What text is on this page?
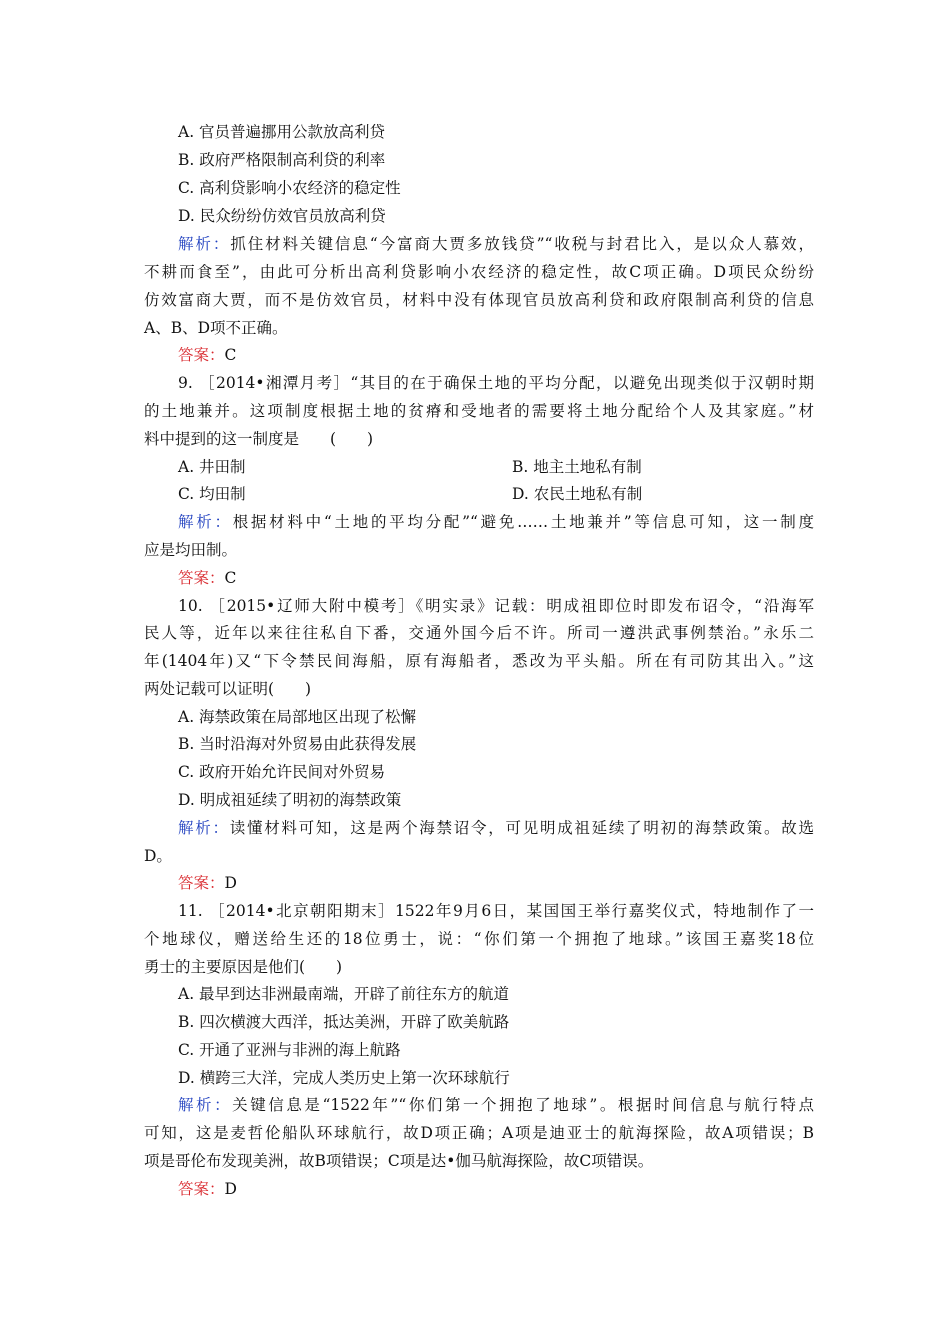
A. 官员普遍挪用公款放高利贷
B. 政府严格限制高利贷的利率
C. 高利贷影响小农经济的稳定性
D. 民众纷纷仿效官员放高利贷
解析：抓住材料关键信息“今富商大贾多放钱贷”“收税与封君比入，是以众人慕效，
不耕而食至”，由此可分析出高利贷影响小农经济的稳定性，故C项正确。D项民众纷纷
仿效富商大贾，而不是仿效官员，材料中没有体现官员放高利贷和政府限制高利贷的信息
A、B、D项不正确。
答案：C
9. ［2014•湘潭月考］“其目的在于确保土地的平均分配，以避免出现类似于汉朝时期
的土地兼并。这项制度根据土地的贫瘠和受地者的需要将土地分配给个人及其家庭。”材
料中提到的这一制度是　　(　　)
A. 井田制	B. 地主土地私有制
C. 均田制	D. 农民土地私有制
解析：根据材料中“土地的平均分配”“避免……土地兼并”等信息可知，这一制度
应是均田制。
答案：C
10. ［2015•辽师大附中模考］《明实录》记载：明成祖即位时即发布诏令，“沿海军
民人等，近年以来往往私自下番，交通外国今后不许。所司一遵洪武事例禁治。”永乐二
年(1404年)又“下令禁民间海船，原有海船者，悉改为平头船。所在有司防其出入。”这
两处记载可以证明(　　)
A. 海禁政策在局部地区出现了松懈
B. 当时沿海对外贸易由此获得发展
C. 政府开始允许民间对外贸易
D. 明成祖延续了明初的海禁政策
解析：读懂材料可知，这是两个海禁诏令，可见明成祖延续了明初的海禁政策。故选
D。
答案：D
11. ［2014•北京朝阳期末］1522年9月6日，某国国王举行嘉奖仪式，特地制作了一
个地球仪，赠送给生还的18位勇士，说：“你们第一个拥抱了地球。”该国王嘉奖18位
勇士的主要原因是他们(　　)
A. 最早到达非洲最南端，开辟了前往东方的航道
B. 四次横渡大西洋，抵达美洲，开辟了欧美航路
C. 开通了亚洲与非洲的海上航路
D. 横跨三大洋，完成人类历史上第一次环球航行
解析：关键信息是“1522年”“你们第一个拥抱了地球”。根据时间信息与航行特点
可知，这是麦哲伦船队环球航行，故D项正确；A项是迪亚士的航海探险，故A项错误；B
项是哥伦布发现美洲，故B项错误；C项是达•伽马航海探险，故C项错误。
答案：D
